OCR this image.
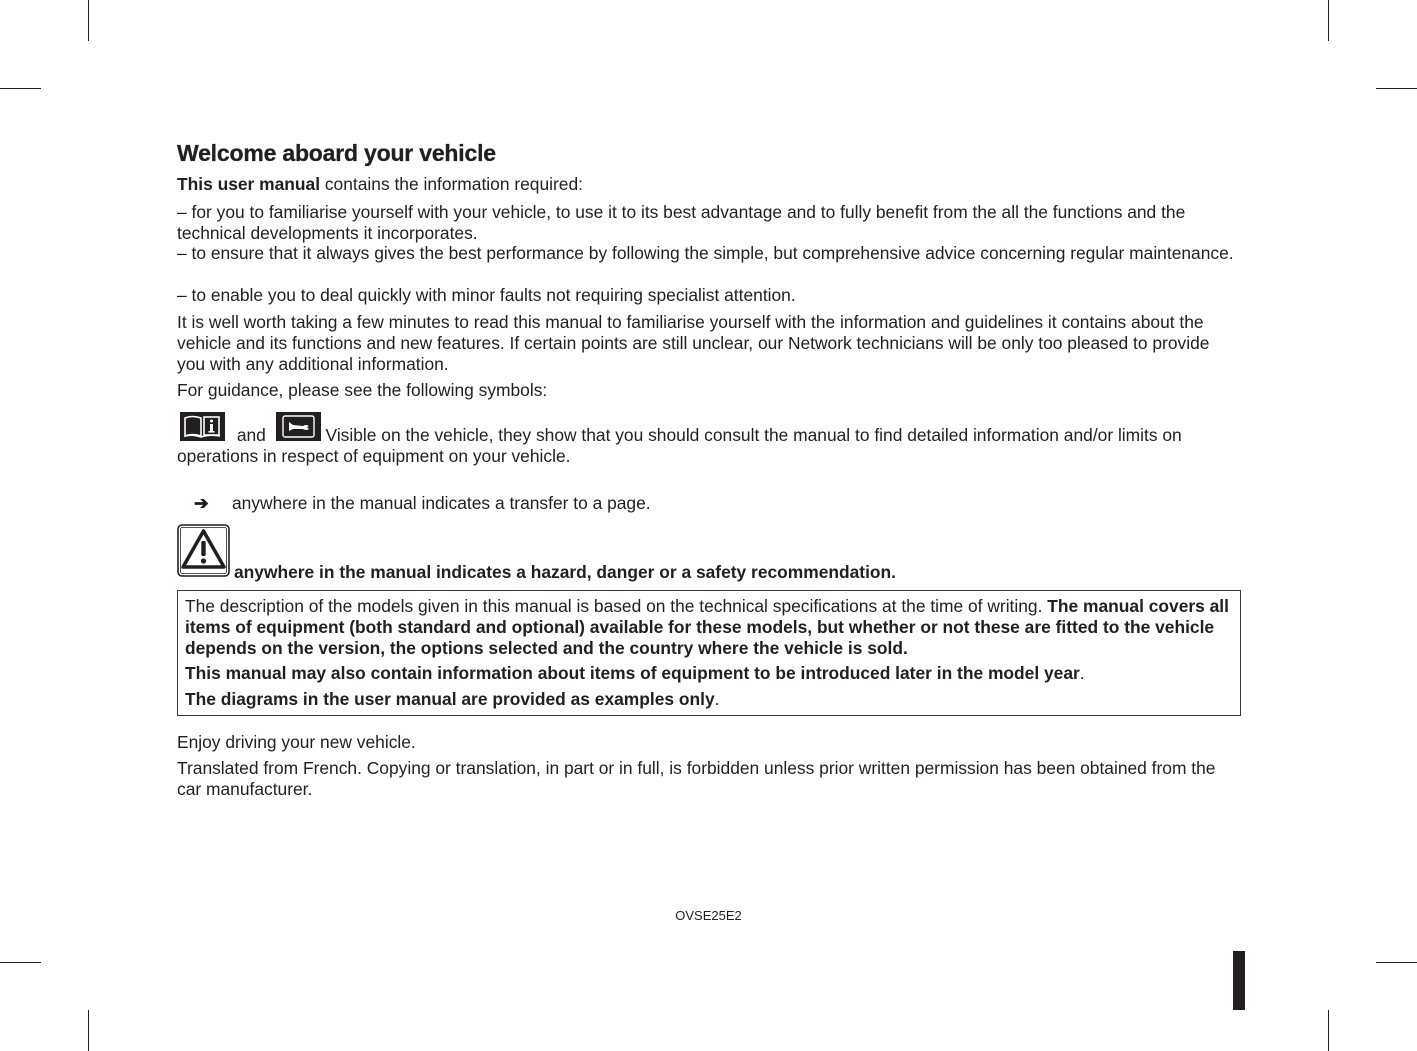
Welcome aboard your vehicle

This user manual contains the information required:

– for you to familiarise yourself with your vehicle, to use it to its best advantage and to fully benefit from the all the functions and the technical developments it incorporates.

– to ensure that it always gives the best performance by following the simple, but comprehensive advice concerning regular maintenance.

– to enable you to deal quickly with minor faults not requiring specialist attention.

It is well worth taking a few minutes to read this manual to familiarise yourself with the information and guidelines it contains about the vehicle and its functions and new features. If certain points are still unclear, our Network technicians will be only too pleased to provide you with any additional information.

For guidance, please see the following symbols:

and	Visible on the vehicle, they show that you should consult the manual to find detailed information and/or limits on operations in respect of equipment on your vehicle.

➔ anywhere in the manual indicates a transfer to a page.

anywhere in the manual indicates a hazard, danger or a safety recommendation.

The description of the models given in this manual is based on the technical specifications at the time of writing. The manual covers all items of equipment (both standard and optional) available for these models, but whether or not these are fitted to the vehicle depends on the version, the options selected and the country where the vehicle is sold.

This manual may also contain information about items of equipment to be introduced later in the model year.

The diagrams in the user manual are provided as examples only.

Enjoy driving your new vehicle.

Translated from French. Copying or translation, in part or in full, is forbidden unless prior written permission has been obtained from the car manufacturer.

OVSE25E2
